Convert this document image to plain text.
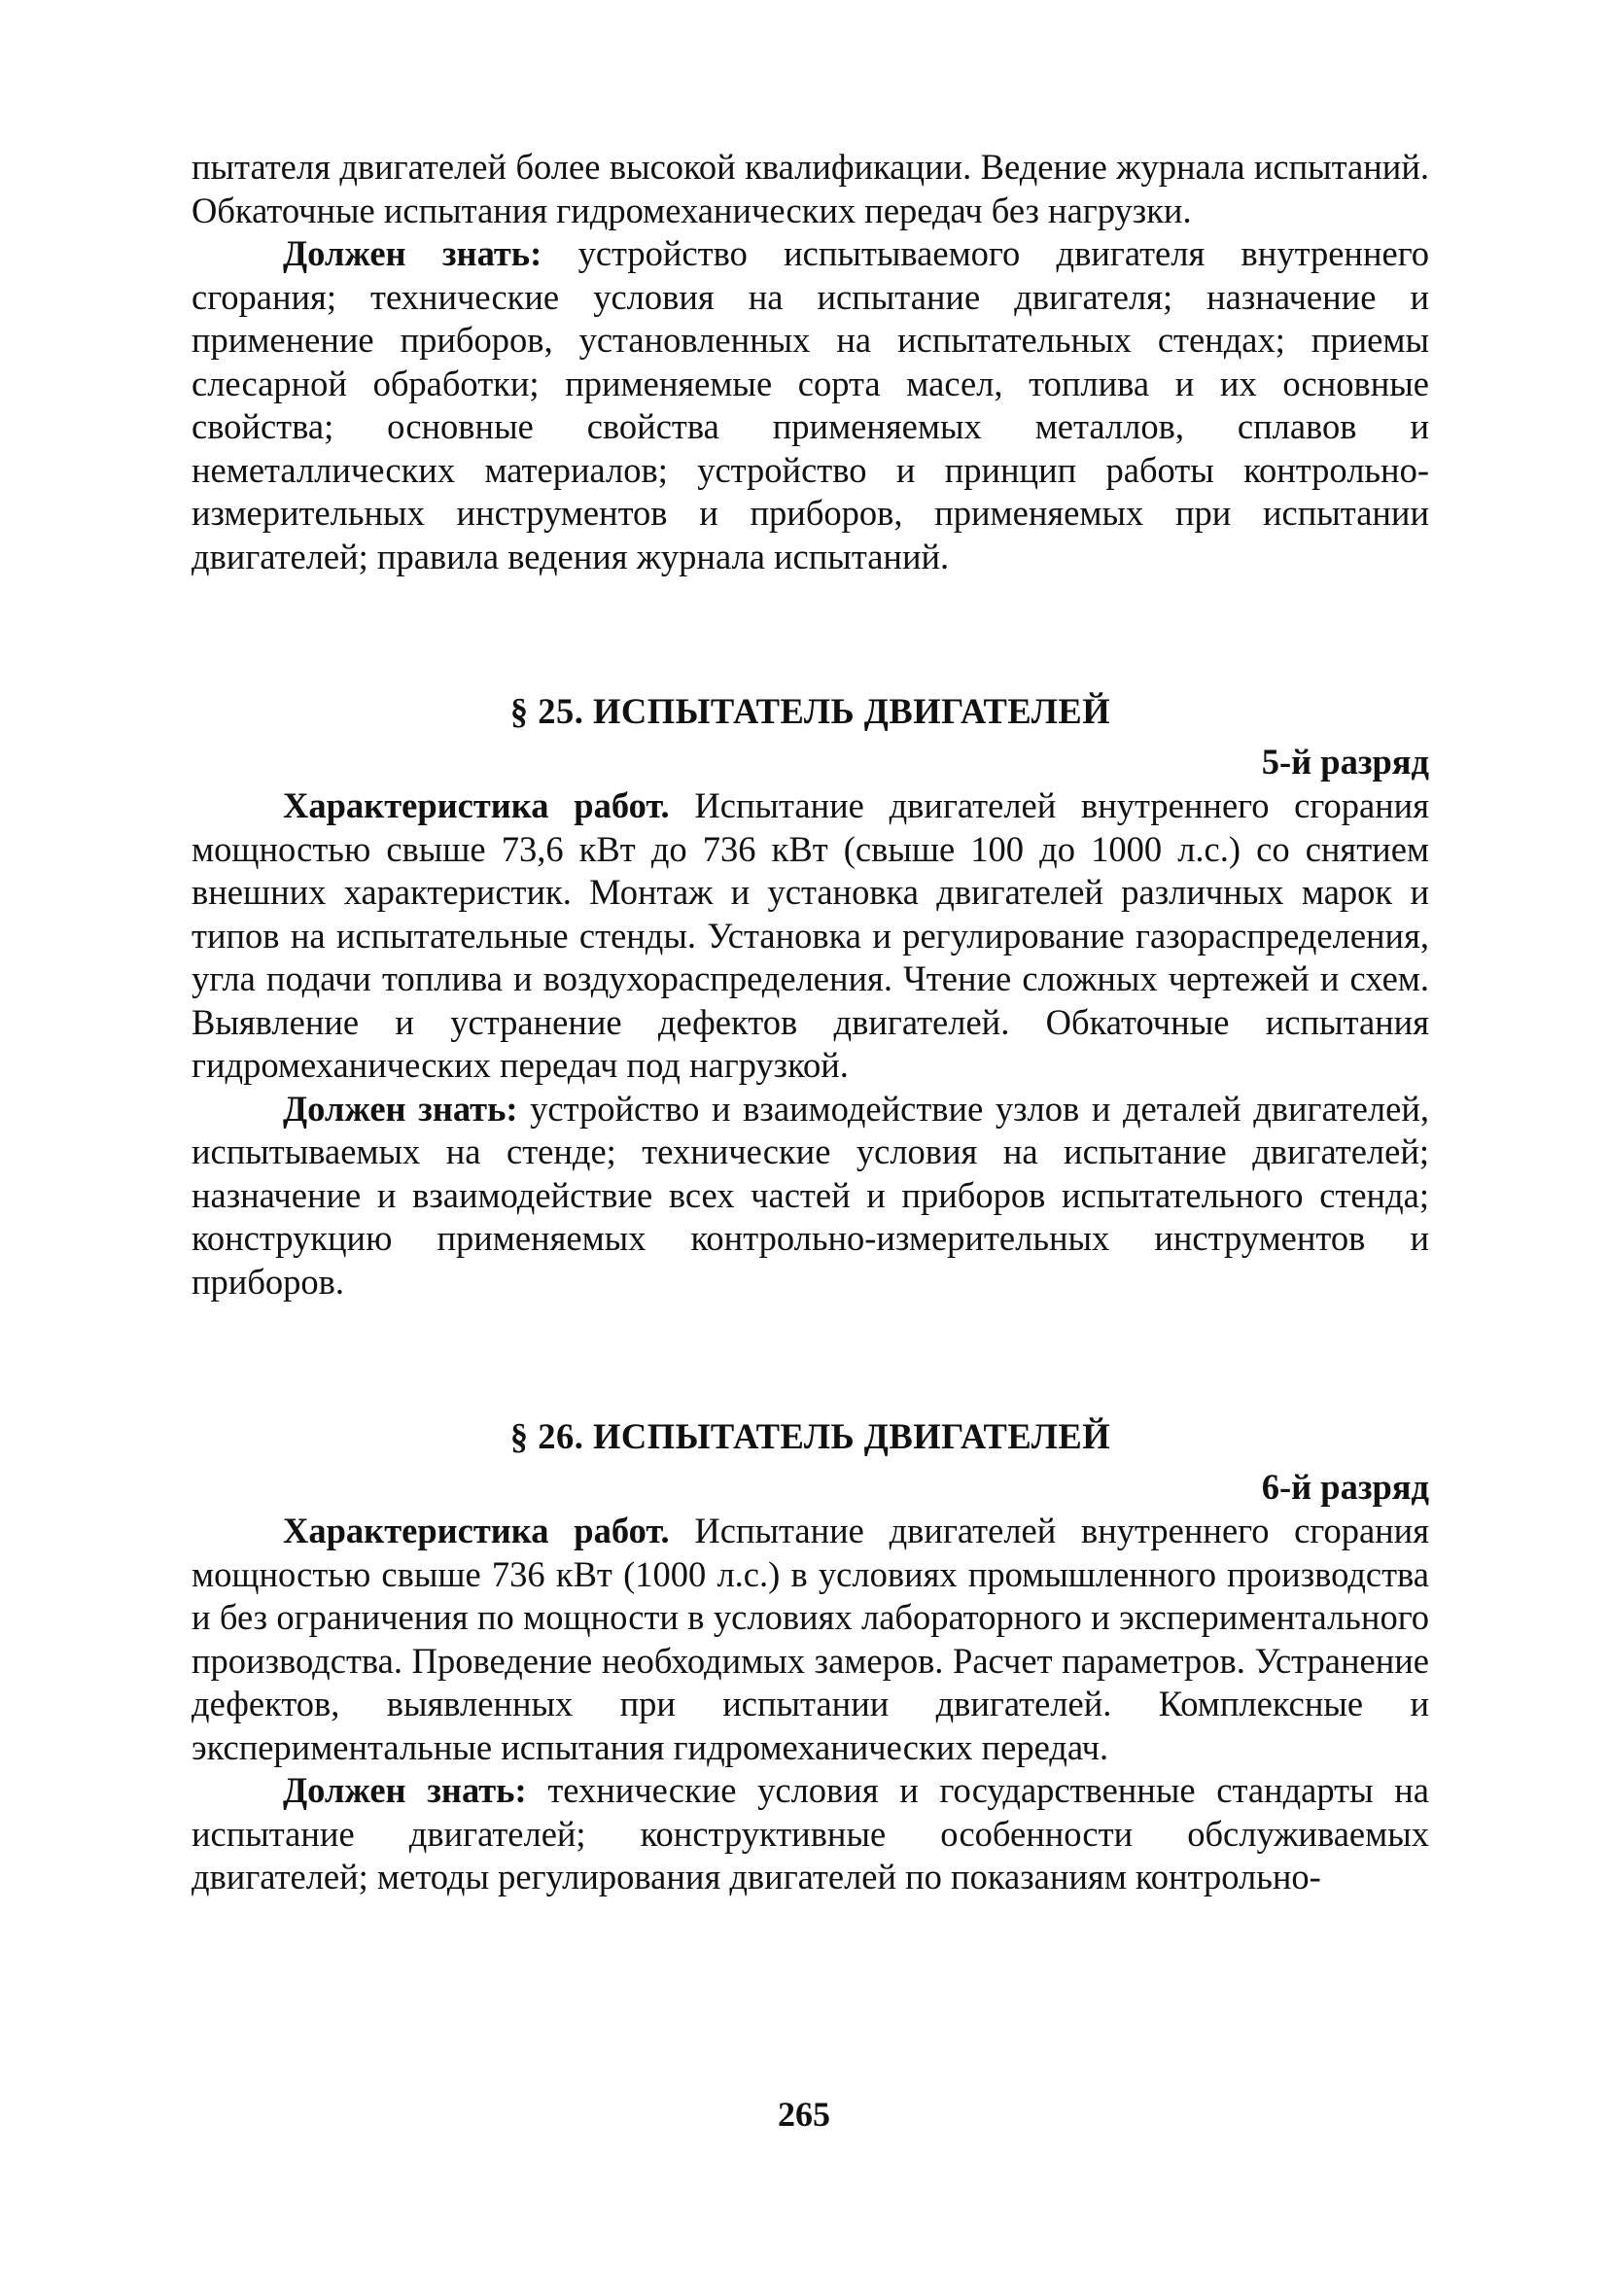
пытателя двигателей более высокой квалификации. Ведение журнала испытаний. Обкаточные испытания гидромеханических передач без нагрузки.

Должен знать: устройство испытываемого двигателя внутреннего сгорания; технические условия на испытание двигателя; назначение и применение приборов, установленных на испытательных стендах; приемы слесарной обработки; применяемые сорта масел, топлива и их основные свойства; основные свойства применяемых металлов, сплавов и неметаллических материалов; устройство и принцип работы контрольно-измерительных инструментов и приборов, применяемых при испытании двигателей; правила ведения журнала испытаний.

§ 25. ИСПЫТАТЕЛЬ ДВИГАТЕЛЕЙ

5-й разряд

Характеристика работ. Испытание двигателей внутреннего сгорания мощностью свыше 73,6 кВт до 736 кВт (свыше 100 до 1000 л.с.) со снятием внешних характеристик. Монтаж и установка двигателей различных марок и типов на испытательные стенды. Установка и регулирование газораспределения, угла подачи топлива и воздухораспределения. Чтение сложных чертежей и схем. Выявление и устранение дефектов двигателей. Обкаточные испытания гидромеханических передач под нагрузкой.

Должен знать: устройство и взаимодействие узлов и деталей двигателей, испытываемых на стенде; технические условия на испытание двигателей; назначение и взаимодействие всех частей и приборов испытательного стенда; конструкцию применяемых контрольно-измерительных инструментов и приборов.

§ 26. ИСПЫТАТЕЛЬ ДВИГАТЕЛЕЙ

6-й разряд

Характеристика работ. Испытание двигателей внутреннего сгорания мощностью свыше 736 кВт (1000 л.с.) в условиях промышленного производства и без ограничения по мощности в условиях лабораторного и экспериментального производства. Проведение необходимых замеров. Расчет параметров. Устранение дефектов, выявленных при испытании двигателей. Комплексные и экспериментальные испытания гидромеханических передач.

Должен знать: технические условия и государственные стандарты на испытание двигателей; конструктивные особенности обслуживаемых двигателей; методы регулирования двигателей по показаниям контрольно-

265
